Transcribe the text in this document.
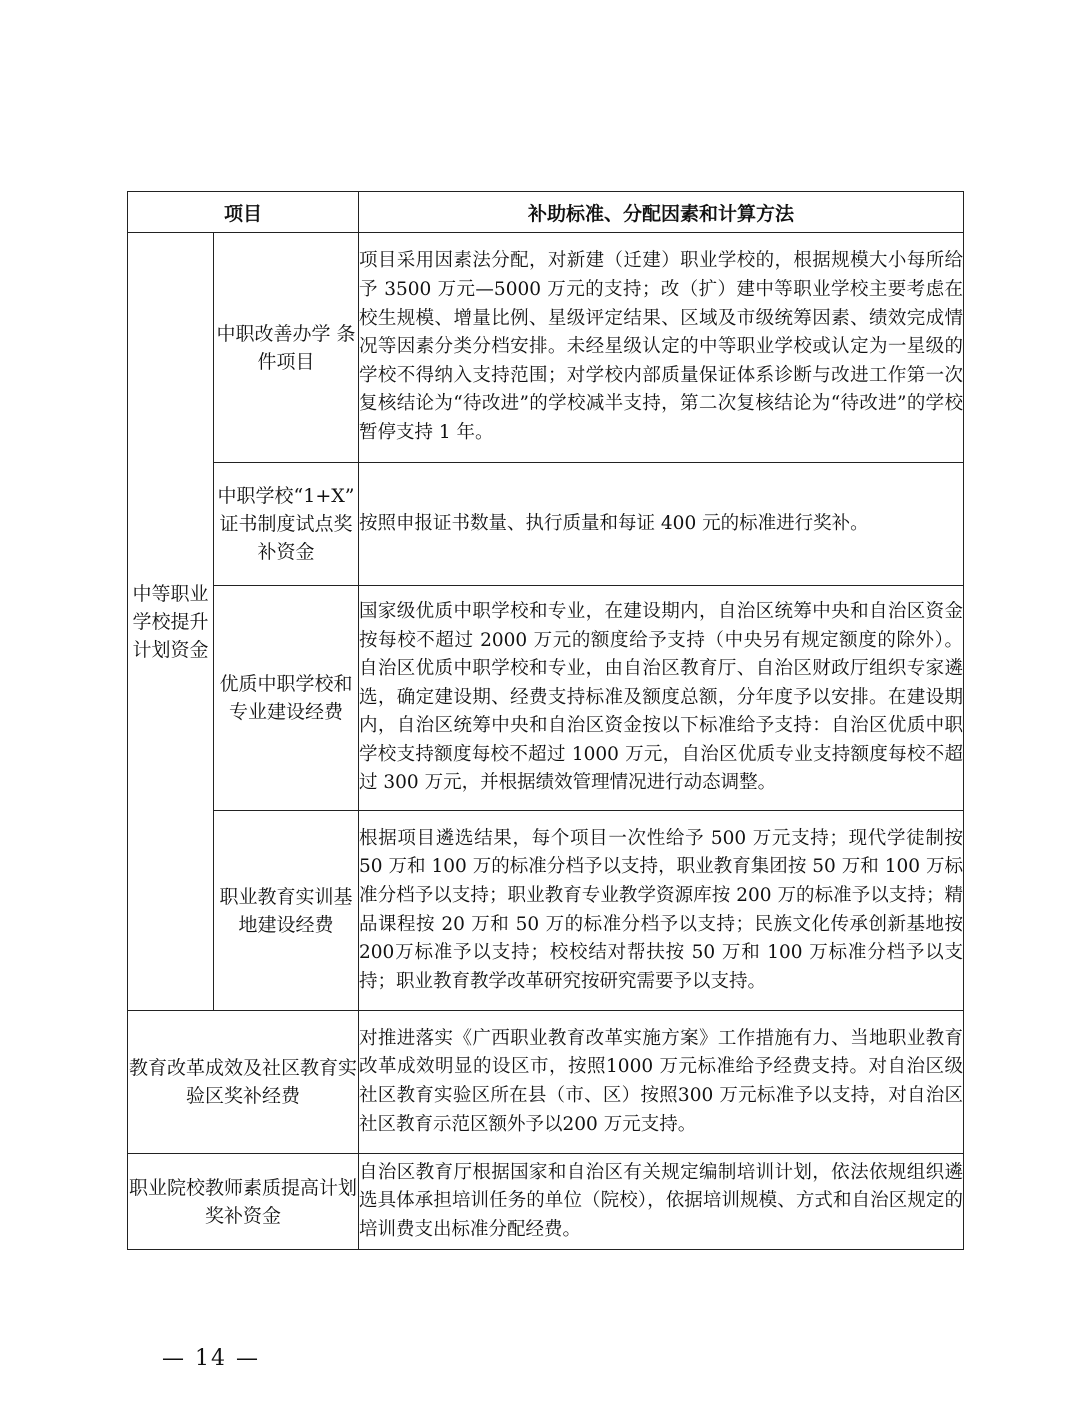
项目		补助标准、分配因素和计算方法
中等职业学校提升计划资金	中职改善办学 条件项目	项目采用因素法分配，对新建（迁建）职业学校的，根据规模大小每所给予 3500 万元—5000 万元的支持；改（扩）建中等职业学校主要考虑在校生规模、增量比例、星级评定结果、区域及市级统筹因素、绩效完成情况等因素分类分档安排。未经星级认定的中等职业学校或认定为一星级的学校不得纳入支持范围；对学校内部质量保证体系诊断与改进工作第一次复核结论为“待改进”的学校减半支持，第二次复核结论为“待改进”的学校暂停支持 1 年。
	中职学校“1+X” 证书制度试点奖补资金	按照申报证书数量、执行质量和每证 400 元的标准进行奖补。
	优质中职学校和专业建设经费	国家级优质中职学校和专业，在建设期内，自治区统筹中央和自治区资金按每校不超过 2000 万元的额度给予支持（中央另有规定额度的除外）。自治区优质中职学校和专业，由自治区教育厅、自治区财政厅组织专家遴选，确定建设期、经费支持标准及额度总额，分年度予以安排。在建设期内，自治区统筹中央和自治区资金按以下标准给予支持：自治区优质中职学校支持额度每校不超过 1000 万元，自治区优质专业支持额度每校不超过 300 万元，并根据绩效管理情况进行动态调整。
	职业教育实训基地建设经费	根据项目遴选结果，每个项目一次性给予 500 万元支持；现代学徒制按 50 万和 100 万的标准分档予以支持，职业教育集团按 50 万和 100 万标准分档予以支持；职业教育专业教学资源库按 200 万的标准予以支持；精品课程按 20 万和 50 万的标准分档予以支持；民族文化传承创新基地按200万标准予以支持；校校结对帮扶按 50 万和 100 万标准分档予以支持；职业教育教学改革研究按研究需要予以支持。
教育改革成效及社区教育实验区奖补经费		对推进落实《广西职业教育改革实施方案》工作措施有力、当地职业教育改革成效明显的设区市，按照1000 万元标准给予经费支持。对自治区级社区教育实验区所在县（市、区）按照300 万元标准予以支持，对自治区社区教育示范区额外予以200 万元支持。
职业院校教师素质提高计划奖补资金		自治区教育厅根据国家和自治区有关规定编制培训计划，依法依规组织遴选具体承担培训任务的单位（院校），依据培训规模、方式和自治区规定的培训费支出标准分配经费。
— 14 —
